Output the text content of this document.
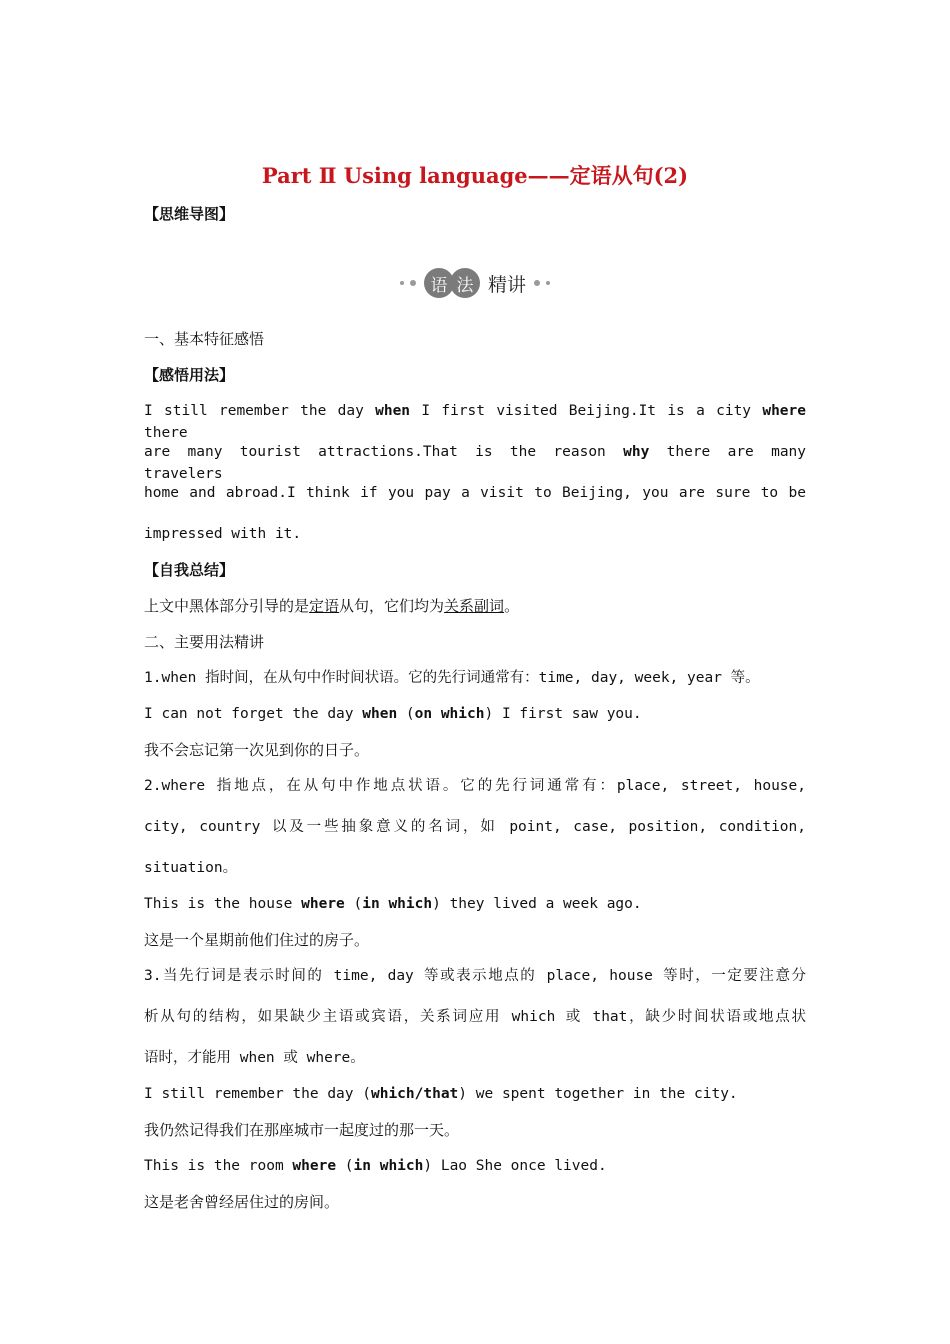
Part Ⅱ Using language——定语从句(2)
【思维导图】
语 法 精讲
一、基本特征感悟
【感悟用法】
I still remember the day when I first visited Beijing.It is a city where there
are many tourist attractions.That is the reason why there are many travelers
home and abroad.I think if you pay a visit to Beijing, you are sure to be
impressed with it.
【自我总结】
上文中黑体部分引导的是定语从句，它们均为关系副词。
二、主要用法精讲
1.when 指时间，在从句中作时间状语。它的先行词通常有：time, day, week, year 等。
I can not forget the day when (on which) I first saw you.
我不会忘记第一次见到你的日子。
2.where 指地点，在从句中作地点状语。它的先行词通常有：place, street, house,
city, country 以及一些抽象意义的名词，如 point, case, position, condition,
situation。
This is the house where (in which) they lived a week ago.
这是一个星期前他们住过的房子。
3.当先行词是表示时间的 time, day 等或表示地点的 place, house 等时，一定要注意分
析从句的结构，如果缺少主语或宾语，关系词应用 which 或 that，缺少时间状语或地点状
语时，才能用 when 或 where。
I still remember the day (which/that) we spent together in the city.
我仍然记得我们在那座城市一起度过的那一天。
This is the room where (in which) Lao She once lived.
这是老舍曾经居住过的房间。
